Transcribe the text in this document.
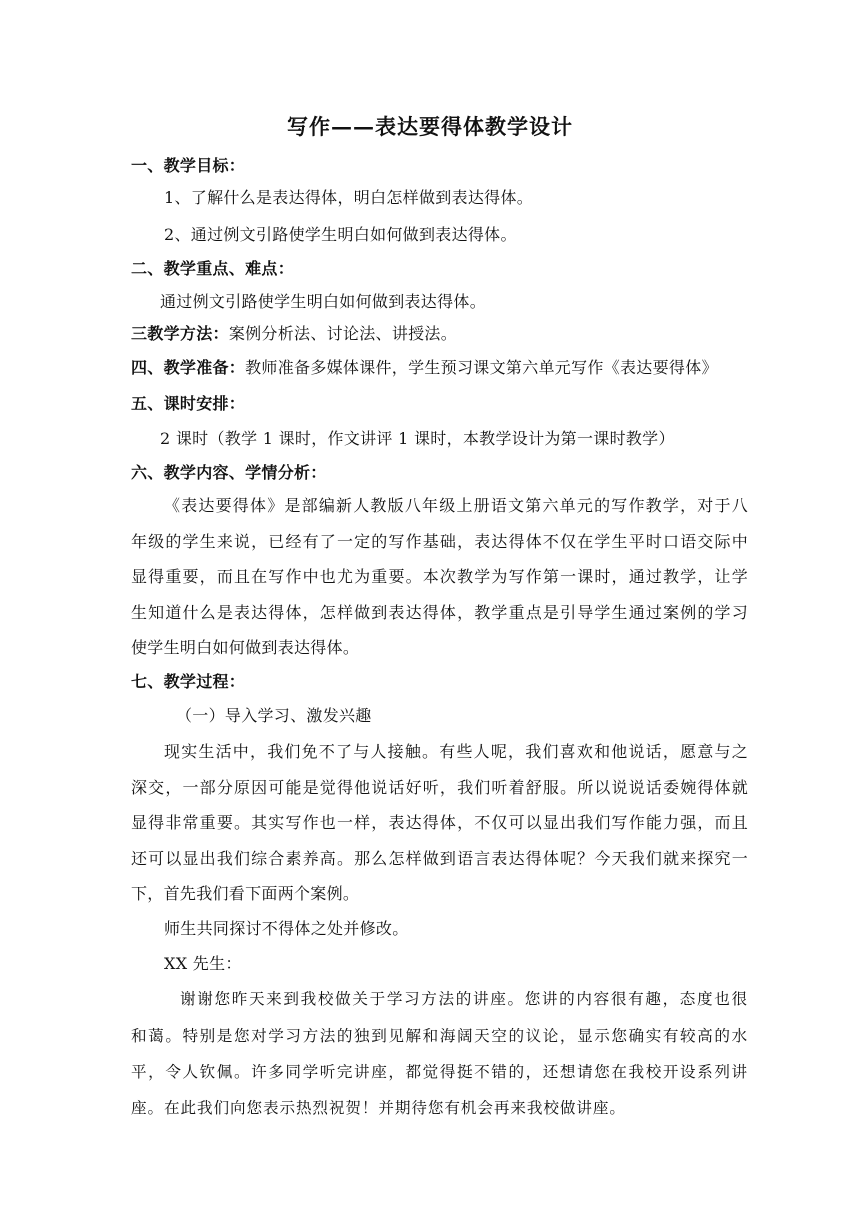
写作——表达要得体教学设计
一、教学目标：
1、了解什么是表达得体，明白怎样做到表达得体。
2、通过例文引路使学生明白如何做到表达得体。
二、教学重点、难点：
通过例文引路使学生明白如何做到表达得体。
三教学方法：案例分析法、讨论法、讲授法。
四、教学准备：教师准备多媒体课件，学生预习课文第六单元写作《表达要得体》
五、课时安排：
2 课时（教学 1 课时，作文讲评 1 课时，本教学设计为第一课时教学）
六、教学内容、学情分析：
《表达要得体》是部编新人教版八年级上册语文第六单元的写作教学，对于八
年级的学生来说，已经有了一定的写作基础，表达得体不仅在学生平时口语交际中
显得重要，而且在写作中也尤为重要。本次教学为写作第一课时，通过教学，让学
生知道什么是表达得体，怎样做到表达得体，教学重点是引导学生通过案例的学习
使学生明白如何做到表达得体。
七、教学过程：
（一）导入学习、激发兴趣
现实生活中，我们免不了与人接触。有些人呢，我们喜欢和他说话，愿意与之
深交，一部分原因可能是觉得他说话好听，我们听着舒服。所以说说话委婉得体就
显得非常重要。其实写作也一样，表达得体，不仅可以显出我们写作能力强，而且
还可以显出我们综合素养高。那么怎样做到语言表达得体呢？今天我们就来探究一
下，首先我们看下面两个案例。
师生共同探讨不得体之处并修改。
XX 先生：
谢谢您昨天来到我校做关于学习方法的讲座。您讲的内容很有趣，态度也很
和蔼。特别是您对学习方法的独到见解和海阔天空的议论，显示您确实有较高的水
平，令人钦佩。许多同学听完讲座，都觉得挺不错的，还想请您在我校开设系列讲
座。在此我们向您表示热烈祝贺！并期待您有机会再来我校做讲座。
